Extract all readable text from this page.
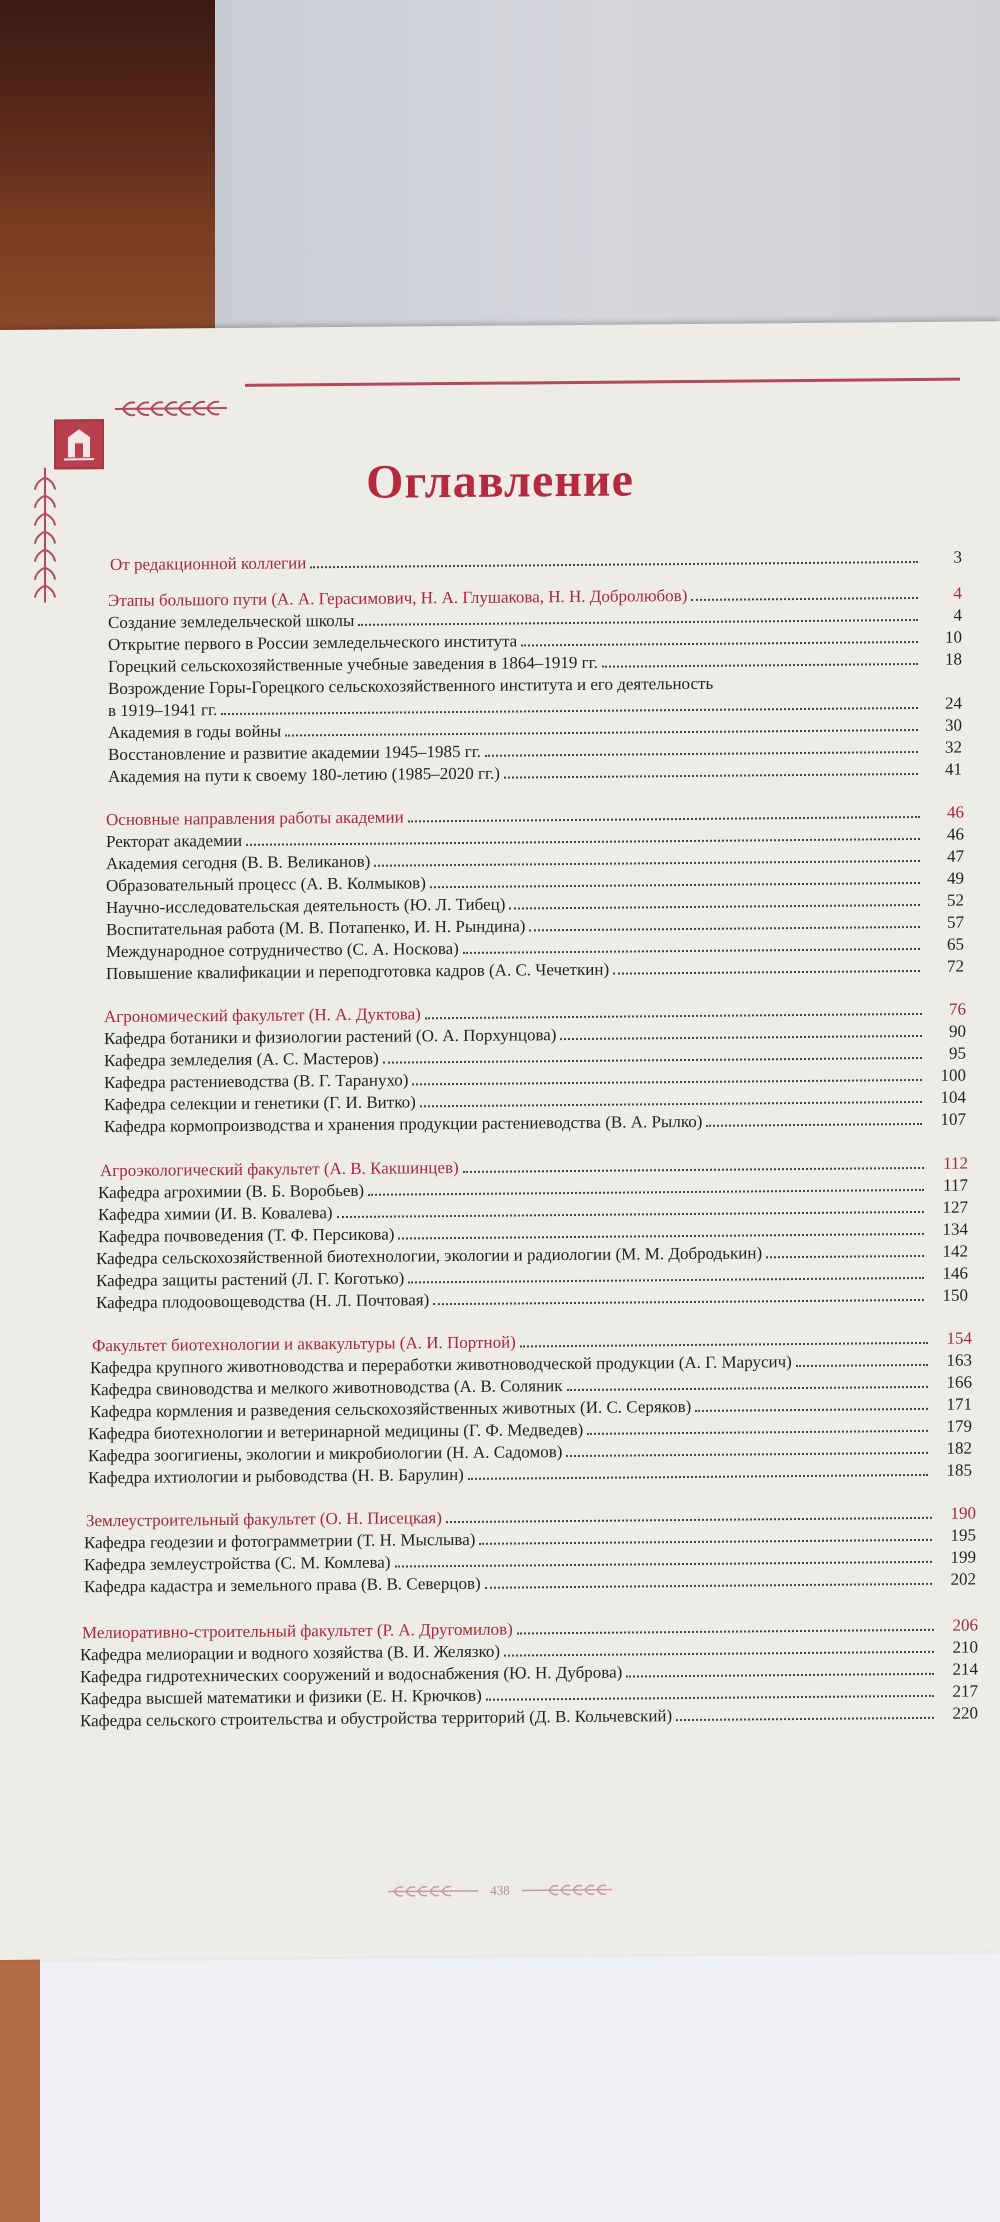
Оглавление
От редакционной коллегии	3
Этапы большого пути (А. А. Герасимович, Н. А. Глушакова, Н. Н. Добролюбов)	4
Создание земледельческой школы	4
Открытие первого в России земледельческого института	10
Горецкий сельскохозяйственные учебные заведения в 1864–1919 гг.	18
Возрождение Горы-Горецкого сельскохозяйственного института и его деятельность
в 1919–1941 гг.	24
Академия в годы войны	30
Восстановление и развитие академии 1945–1985 гг.	32
Академия на пути к своему 180-летию (1985–2020 гг.)	41
Основные направления работы академии	46
Ректорат академии	46
Академия сегодня (В. В. Великанов)	47
Образовательный процесс (А. В. Колмыков)	49
Научно-исследовательская деятельность (Ю. Л. Тибец)	52
Воспитательная работа (М. В. Потапенко, И. Н. Рындина)	57
Международное сотрудничество (С. А. Носкова)	65
Повышение квалификации и переподготовка кадров (А. С. Чечеткин)	72
Агрономический факультет (Н. А. Дуктова)	76
Кафедра ботаники и физиологии растений (О. А. Порхунцова)	90
Кафедра земледелия (А. С. Мастеров)	95
Кафедра растениеводства (В. Г. Таранухо)	100
Кафедра селекции и генетики (Г. И. Витко)	104
Кафедра кормопроизводства и хранения продукции растениеводства (В. А. Рылко)	107
Агроэкологический факультет (А. В. Какшинцев)	112
Кафедра агрохимии (В. Б. Воробьев)	117
Кафедра химии (И. В. Ковалева)	127
Кафедра почвоведения (Т. Ф. Персикова)	134
Кафедра сельскохозяйственной биотехнологии, экологии и радиологии (М. М. Добродькин)	142
Кафедра защиты растений (Л. Г. Коготько)	146
Кафедра плодоовощеводства (Н. Л. Почтовая)	150
Факультет биотехнологии и аквакультуры (А. И. Портной)	154
Кафедра крупного животноводства и переработки животноводческой продукции (А. Г. Марусич)	163
Кафедра свиноводства и мелкого животноводства (А. В. Соляник	166
Кафедра кормления и разведения сельскохозяйственных животных (И. С. Серяков)	171
Кафедра биотехнологии и ветеринарной медицины (Г. Ф. Медведев)	179
Кафедра зоогигиены, экологии и микробиологии (Н. А. Садомов)	182
Кафедра ихтиологии и рыбоводства (Н. В. Барулин)	185
Землеустроительный факультет (О. Н. Писецкая)	190
Кафедра геодезии и фотограмметрии (Т. Н. Мыслыва)	195
Кафедра землеустройства (С. М. Комлева)	199
Кафедра кадастра и земельного права (В. В. Северцов)	202
Мелиоративно-строительный факультет (Р. А. Другомилов)	206
Кафедра мелиорации и водного хозяйства (В. И. Желязко)	210
Кафедра гидротехнических сооружений и водоснабжения (Ю. Н. Дуброва)	214
Кафедра высшей математики и физики (Е. Н. Крючков)	217
Кафедра сельского строительства и обустройства территорий (Д. В. Кольчевский)	220
438
